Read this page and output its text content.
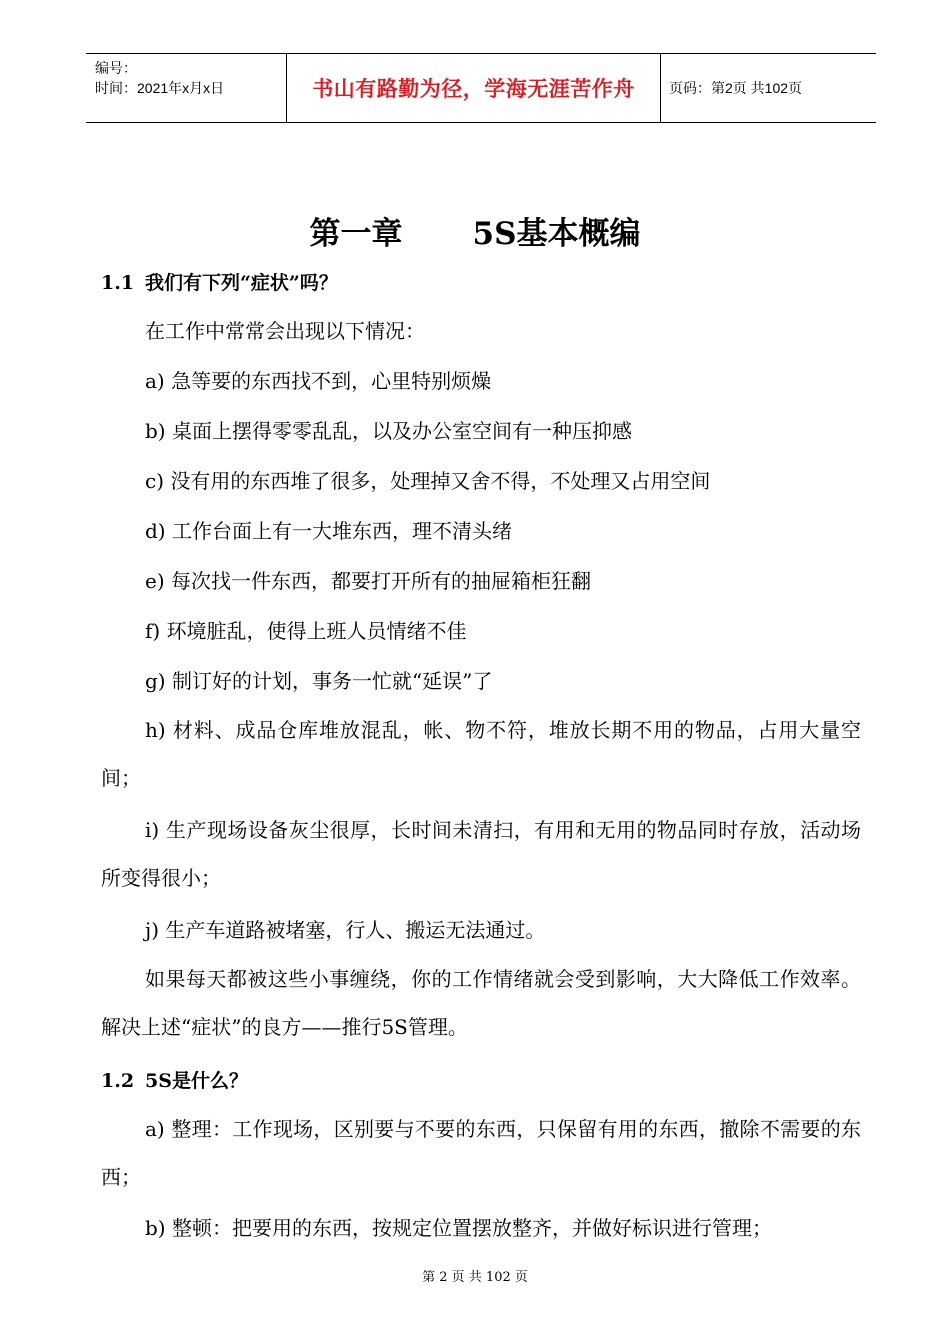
编号：
时间：2021年x月x日	书山有路勤为径，学海无涯苦作舟 页码：第2页 共102页
第一章 5S基本概编
1.1 我们有下列“症状”吗？
在工作中常常会出现以下情况：
a) 急等要的东西找不到，心里特别烦燥
b) 桌面上摆得零零乱乱，以及办公室空间有一种压抑感
c) 没有用的东西堆了很多，处理掉又舍不得，不处理又占用空间
d) 工作台面上有一大堆东西，理不清头绪
e) 每次找一件东西，都要打开所有的抽屉箱柜狂翻
f) 环境脏乱，使得上班人员情绪不佳
g) 制订好的计划，事务一忙就“延误”了
h) 材料、成品仓库堆放混乱，帐、物不符，堆放长期不用的物品，占用大量空间；
i) 生产现场设备灰尘很厚，长时间未清扫，有用和无用的物品同时存放，活动场所变得很小；
j) 生产车道路被堵塞，行人、搬运无法通过。
如果每天都被这些小事缠绕，你的工作情绪就会受到影响，大大降低工作效率。解决上述“症状”的良方——推行5S管理。
1.2 5S是什么？
a) 整理：工作现场，区别要与不要的东西，只保留有用的东西，撤除不需要的东西；
b) 整顿：把要用的东西，按规定位置摆放整齐，并做好标识进行管理；
第 2 页 共 102 页
